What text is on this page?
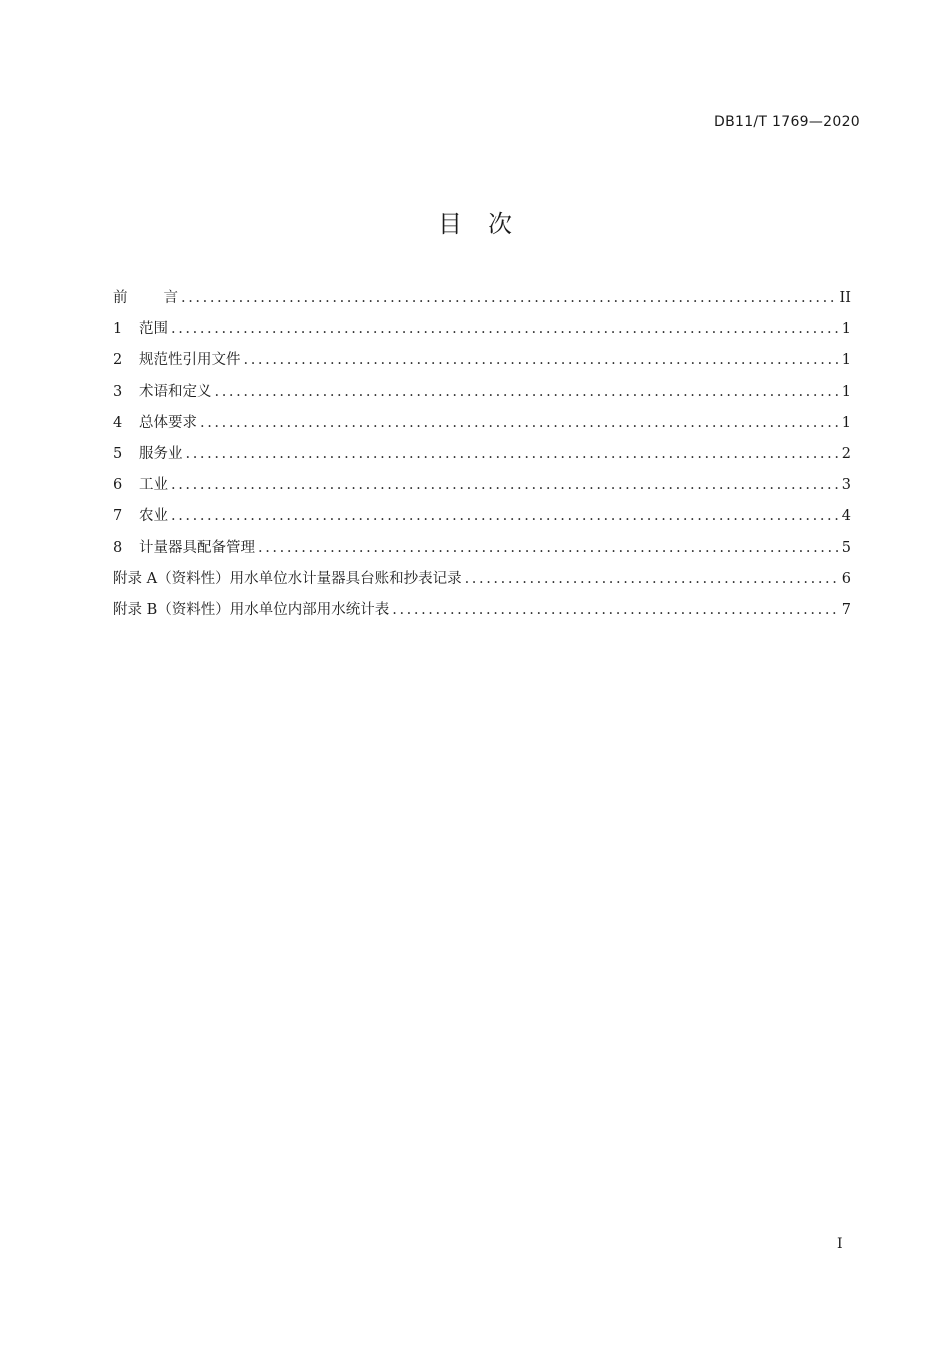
DB11/T 1769—2020
目 次
前 言 .....	II
1	范围 .....	1
2	规范性引用文件 .....	1
3	术语和定义 .....	1
4	总体要求 .....	1
5	服务业 .....	2
6	工业 .....	3
7	农业 .....	4
8	计量器具配备管理 .....	5
附录 A（资料性）用水单位水计量器具台账和抄表记录 .....	6
附录 B（资料性）用水单位内部用水统计表 .....	7
I
